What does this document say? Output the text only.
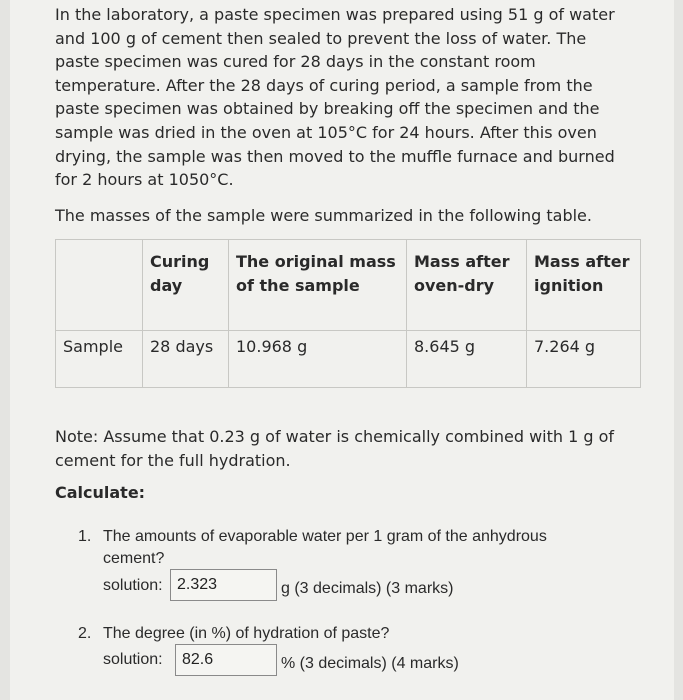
In the laboratory, a paste specimen was prepared using 51 g of water and 100 g of cement then sealed to prevent the loss of water. The paste specimen was cured for 28 days in the constant room temperature. After the 28 days of curing period, a sample from the paste specimen was obtained by breaking off the specimen and the sample was dried in the oven at 105°C for 24 hours. After this oven drying, the sample was then moved to the muffle furnace and burned for 2 hours at 1050°C.

The masses of the sample were summarized in the following table.

	Curing day	The original mass of the sample	Mass after oven-dry	Mass after ignition
Sample	28 days	10.968 g	8.645 g	7.264 g

Note: Assume that 0.23 g of water is chemically combined with 1 g of cement for the full hydration.

Calculate:

1. The amounts of evaporable water per 1 gram of the anhydrous cement?
solution: 2.323	g (3 decimals) (3 marks)
2. The degree (in %) of hydration of paste?
solution:	82.6	% (3 decimals) (4 marks)
